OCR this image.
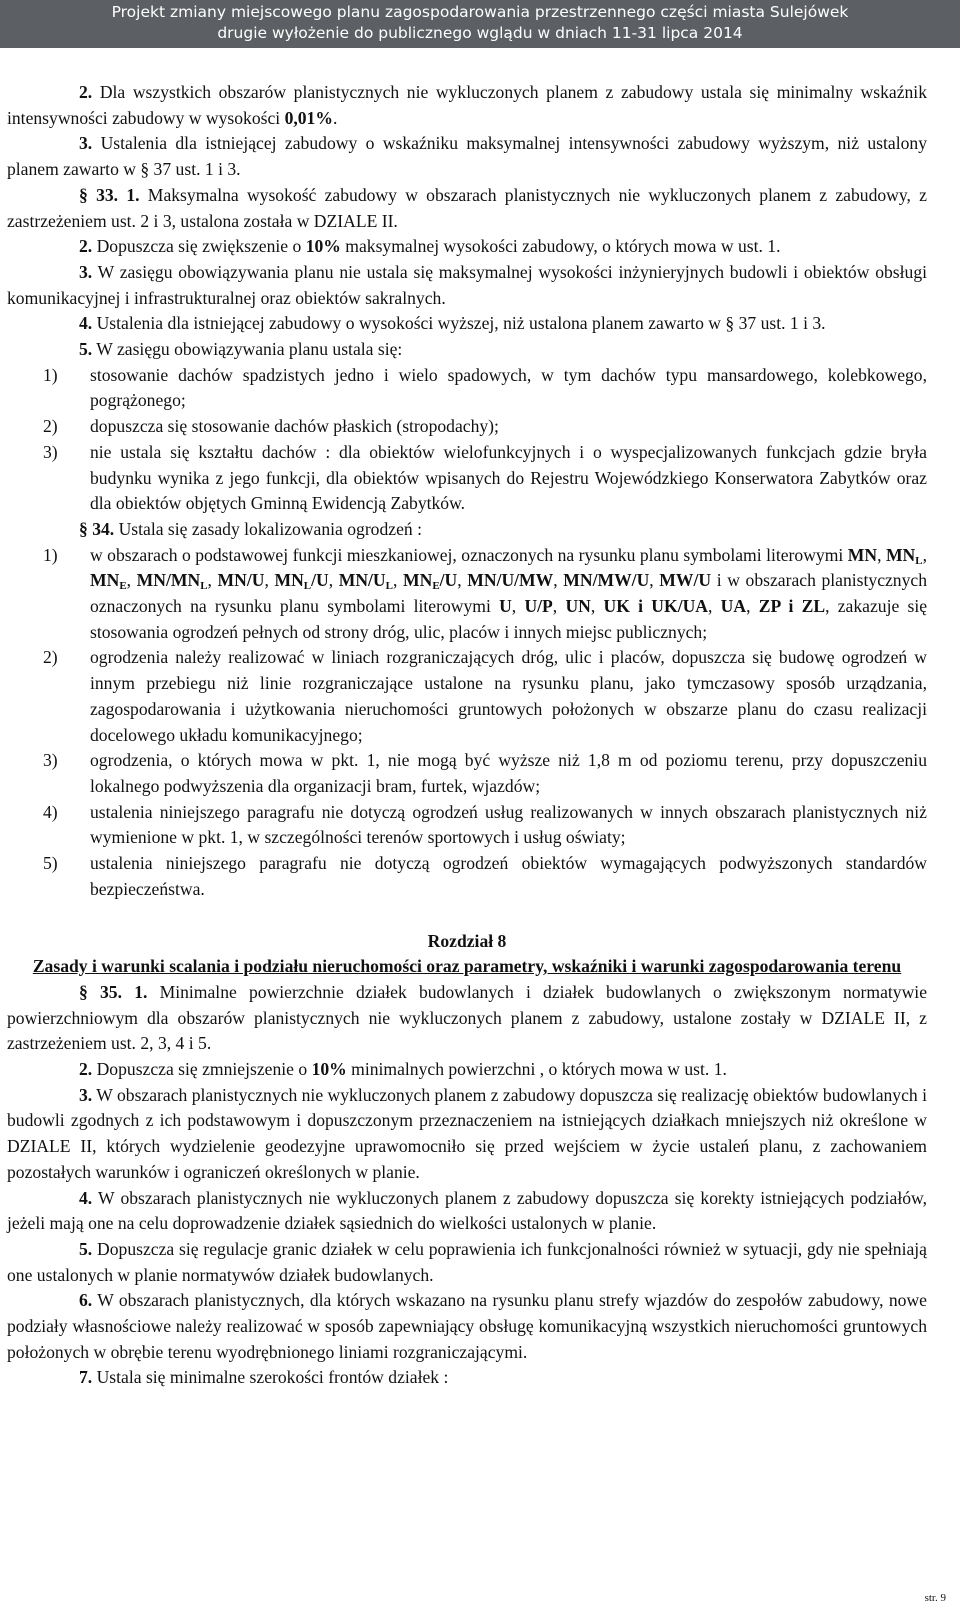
Projekt zmiany miejscowego planu zagospodarowania przestrzennego części miasta Sulejówek
drugie wyłożenie do publicznego wglądu w dniach 11-31 lipca 2014

2. Dla wszystkich obszarów planistycznych nie wykluczonych planem z zabudowy ustala się minimalny wskaźnik intensywności zabudowy w wysokości 0,01%.

3. Ustalenia dla istniejącej zabudowy o wskaźniku maksymalnej intensywności zabudowy wyższym, niż ustalony planem zawarto w § 37 ust. 1 i 3.

§ 33. 1. Maksymalna wysokość zabudowy w obszarach planistycznych nie wykluczonych planem z zabudowy, z zastrzeżeniem ust. 2 i 3, ustalona została w DZIALE II.

2. Dopuszcza się zwiększenie o 10% maksymalnej wysokości zabudowy, o których mowa w ust. 1.

3. W zasięgu obowiązywania planu nie ustala się maksymalnej wysokości inżynieryjnych budowli i obiektów obsługi komunikacyjnej i infrastrukturalnej oraz obiektów sakralnych.

4. Ustalenia dla istniejącej zabudowy o wysokości wyższej, niż ustalona planem zawarto w § 37 ust. 1 i 3.

5. W zasięgu obowiązywania planu ustala się:

1) stosowanie dachów spadzistych jedno i wielo spadowych, w tym dachów typu mansardowego, kolebkowego, pogrążonego;
2) dopuszcza się stosowanie dachów płaskich (stropodachy);
3) nie ustala się kształtu dachów : dla obiektów wielofunkcyjnych i o wyspecjalizowanych funkcjach gdzie bryła budynku wynika z jego funkcji, dla obiektów wpisanych do Rejestru Wojewódzkiego Konserwatora Zabytków oraz dla obiektów objętych Gminną Ewidencją Zabytków.

§ 34. Ustala się zasady lokalizowania ogrodzeń :

1) w obszarach o podstawowej funkcji mieszkaniowej, oznaczonych na rysunku planu symbolami literowymi MN, $MN_L$, $MN_E$, $MN/MN_L$, MN/U, $MN_L/U$, $MN/U_L$, $MN_E/U$, MN/U/MW, MN/MW/U, MW/U i w obszarach planistycznych oznaczonych na rysunku planu symbolami literowymi U, U/P, UN, UK i UK/UA, UA, ZP i ZL, zakazuje się stosowania ogrodzeń pełnych od strony dróg, ulic, placów i innych miejsc publicznych;
2) ogrodzenia należy realizować w liniach rozgraniczających dróg, ulic i placów, dopuszcza się budowę ogrodzeń w innym przebiegu niż linie rozgraniczające ustalone na rysunku planu, jako tymczasowy sposób urządzania, zagospodarowania i użytkowania nieruchomości gruntowych położonych w obszarze planu do czasu realizacji docelowego układu komunikacyjnego;
3) ogrodzenia, o których mowa w pkt. 1, nie mogą być wyższe niż 1,8 m od poziomu terenu, przy dopuszczeniu lokalnego podwyższenia dla organizacji bram, furtek, wjazdów;
4) ustalenia niniejszego paragrafu nie dotyczą ogrodzeń usług realizowanych w innych obszarach planistycznych niż wymienione w pkt. 1, w szczególności terenów sportowych i usług oświaty;
5) ustalenia niniejszego paragrafu nie dotyczą ogrodzeń obiektów wymagających podwyższonych standardów bezpieczeństwa.

Rozdział 8

Zasady i warunki scalania i podziału nieruchomości oraz parametry, wskaźniki i warunki zagospodarowania terenu

§ 35. 1. Minimalne powierzchnie działek budowlanych i działek budowlanych o zwiększonym normatywie powierzchniowym dla obszarów planistycznych nie wykluczonych planem z zabudowy, ustalone zostały w DZIALE II, z zastrzeżeniem ust. 2, 3, 4 i 5.

2. Dopuszcza się zmniejszenie o 10% minimalnych powierzchni , o których mowa w ust. 1.

3. W obszarach planistycznych nie wykluczonych planem z zabudowy dopuszcza się realizację obiektów budowlanych i budowli zgodnych z ich podstawowym i dopuszczonym przeznaczeniem na istniejących działkach mniejszych niż określone w DZIALE II, których wydzielenie geodezyjne uprawomocniło się przed wejściem w życie ustaleń planu, z zachowaniem pozostałych warunków i ograniczeń określonych w planie.

4. W obszarach planistycznych nie wykluczonych planem z zabudowy dopuszcza się korekty istniejących podziałów, jeżeli mają one na celu doprowadzenie działek sąsiednich do wielkości ustalonych w planie.

5. Dopuszcza się regulacje granic działek w celu poprawienia ich funkcjonalności również w sytuacji, gdy nie spełniają one ustalonych w planie normatywów działek budowlanych.

6. W obszarach planistycznych, dla których wskazano na rysunku planu strefy wjazdów do zespołów zabudowy, nowe podziały własnościowe należy realizować w sposób zapewniający obsługę komunikacyjną wszystkich nieruchomości gruntowych położonych w obrębie terenu wyodrębnionego liniami rozgraniczającymi.

7. Ustala się minimalne szerokości frontów działek :

str. 9
